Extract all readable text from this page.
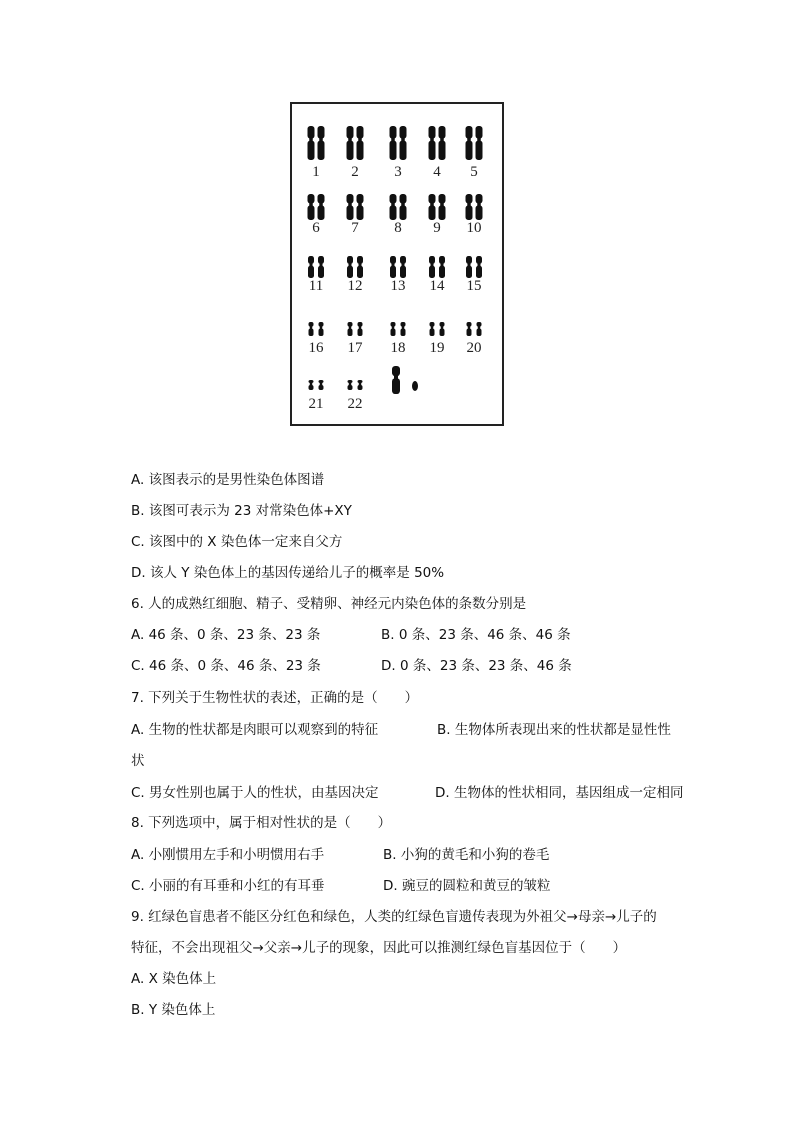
1 2 3 4 5
6 7 8 9 10
11 12 13 14 15
16 17 18 19 20
21 22
A. 该图表示的是男性染色体图谱
B. 该图可表示为 23 对常染色体+XY
C. 该图中的 X 染色体一定来自父方
D. 该人 Y 染色体上的基因传递给儿子的概率是 50%
6. 人的成熟红细胞、精子、受精卵、神经元内染色体的条数分别是
A. 46 条、0 条、23 条、23 条	B. 0 条、23 条、46 条、46 条
C. 46 条、0 条、46 条、23 条	D. 0 条、23 条、23 条、46 条
7. 下列关于生物性状的表述，正确的是（　　）
A. 生物的性状都是肉眼可以观察到的特征	B. 生物体所表现出来的性状都是显性性
状
C. 男女性别也属于人的性状，由基因决定	D. 生物体的性状相同，基因组成一定相同
8. 下列选项中，属于相对性状的是（　　）
A. 小刚惯用左手和小明惯用右手	B. 小狗的黄毛和小狗的卷毛
C. 小丽的有耳垂和小红的有耳垂	D. 豌豆的圆粒和黄豆的皱粒
9. 红绿色盲患者不能区分红色和绿色，人类的红绿色盲遗传表现为外祖父→母亲→儿子的
特征，不会出现祖父→父亲→儿子的现象，因此可以推测红绿色盲基因位于（　　）
A. X 染色体上
B. Y 染色体上
